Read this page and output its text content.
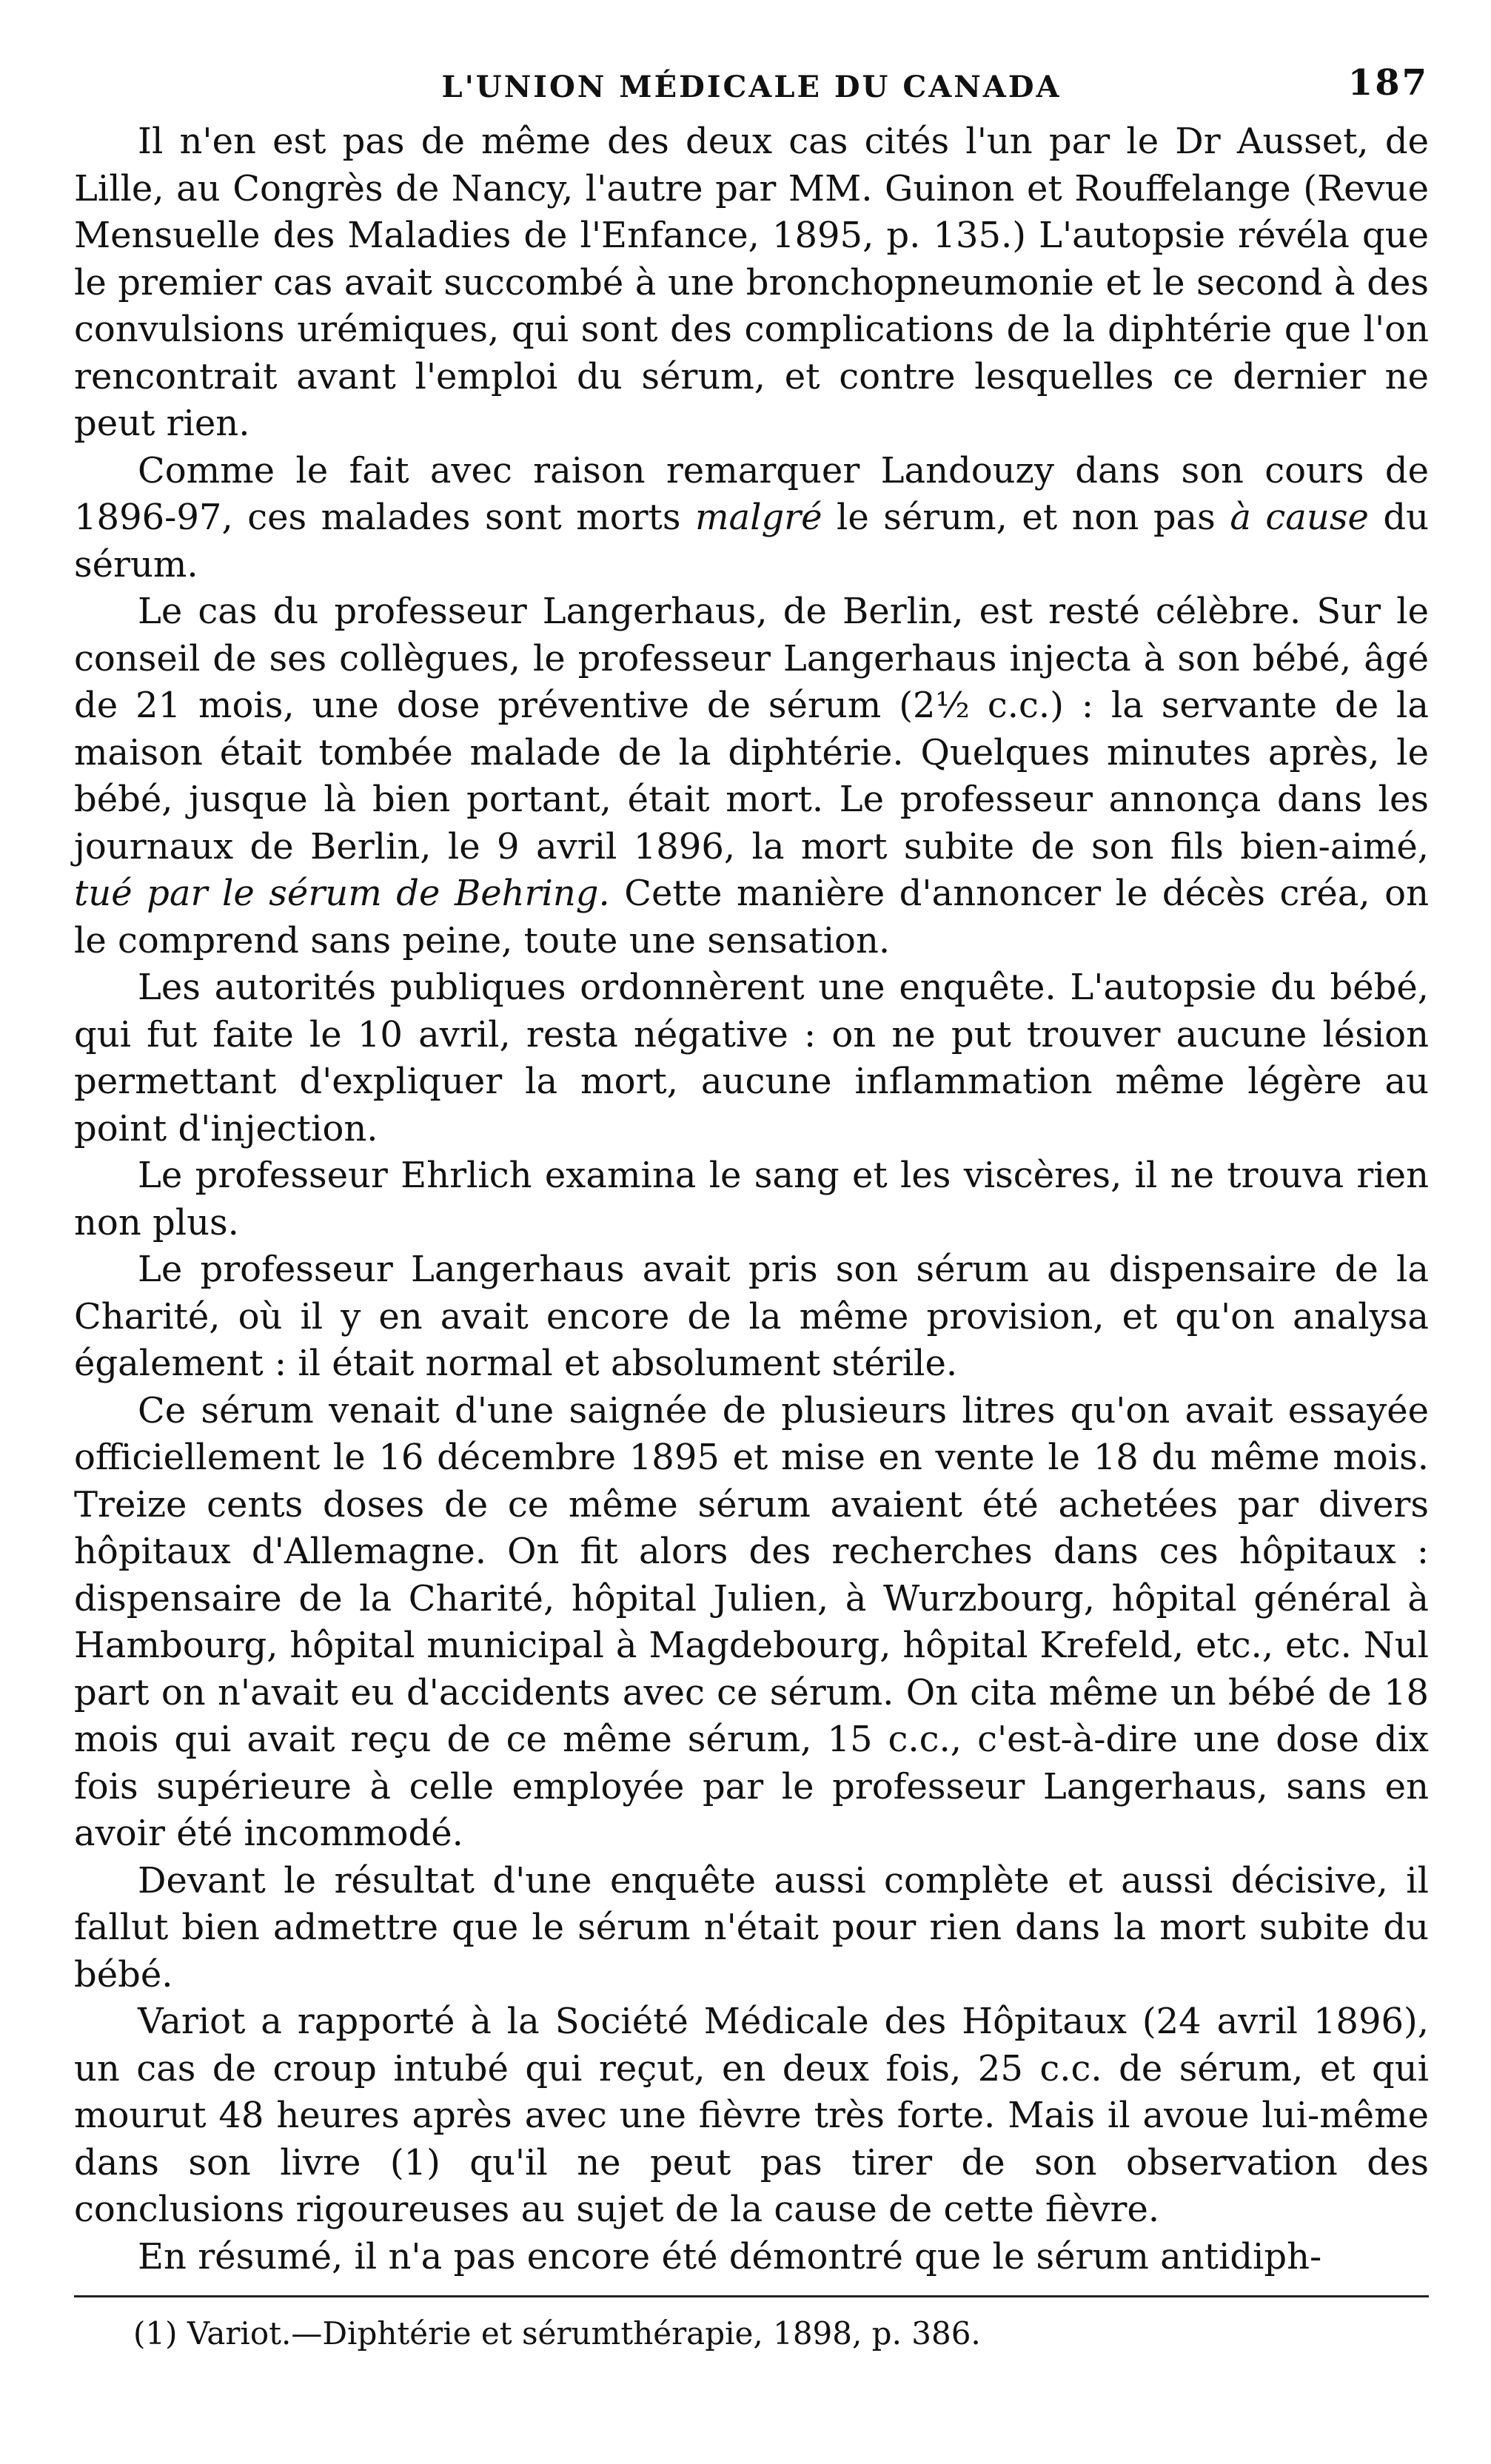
L'UNION MÉDICALE DU CANADA	187

Il n'en est pas de même des deux cas cités l'un par le Dr Ausset, de Lille, au Congrès de Nancy, l'autre par MM. Guinon et Rouffelange (Revue Mensuelle des Maladies de l'Enfance, 1895, p. 135.) L'autopsie révéla que le premier cas avait succombé à une bronchopneumonie et le second à des convulsions urémiques, qui sont des complications de la diphtérie que l'on rencontrait avant l'emploi du sérum, et contre lesquelles ce dernier ne peut rien.

Comme le fait avec raison remarquer Landouzy dans son cours de 1896-97, ces malades sont morts malgré le sérum, et non pas à cause du sérum.

Le cas du professeur Langerhaus, de Berlin, est resté célèbre. Sur le conseil de ses collègues, le professeur Langerhaus injecta à son bébé, âgé de 21 mois, une dose préventive de sérum (2½ c.c.) : la servante de la maison était tombée malade de la diphtérie. Quelques minutes après, le bébé, jusque là bien portant, était mort. Le professeur annonça dans les journaux de Berlin, le 9 avril 1896, la mort subite de son fils bien-aimé, tué par le sérum de Behring. Cette manière d'annoncer le décès créa, on le comprend sans peine, toute une sensation.

Les autorités publiques ordonnèrent une enquête. L'autopsie du bébé, qui fut faite le 10 avril, resta négative : on ne put trouver aucune lésion permettant d'expliquer la mort, aucune inflammation même légère au point d'injection.

Le professeur Ehrlich examina le sang et les viscères, il ne trouva rien non plus.

Le professeur Langerhaus avait pris son sérum au dispensaire de la Charité, où il y en avait encore de la même provision, et qu'on analysa également : il était normal et absolument stérile.

Ce sérum venait d'une saignée de plusieurs litres qu'on avait essayée officiellement le 16 décembre 1895 et mise en vente le 18 du même mois. Treize cents doses de ce même sérum avaient été achetées par divers hôpitaux d'Allemagne. On fit alors des recherches dans ces hôpitaux : dispensaire de la Charité, hôpital Julien, à Wurzbourg, hôpital général à Hambourg, hôpital municipal à Magdebourg, hôpital Krefeld, etc., etc. Nul part on n'avait eu d'accidents avec ce sérum. On cita même un bébé de 18 mois qui avait reçu de ce même sérum, 15 c.c., c'est-à-dire une dose dix fois supérieure à celle employée par le professeur Langerhaus, sans en avoir été incommodé.

Devant le résultat d'une enquête aussi complète et aussi décisive, il fallut bien admettre que le sérum n'était pour rien dans la mort subite du bébé.

Variot a rapporté à la Société Médicale des Hôpitaux (24 avril 1896), un cas de croup intubé qui reçut, en deux fois, 25 c.c. de sérum, et qui mourut 48 heures après avec une fièvre très forte. Mais il avoue lui-même dans son livre (1) qu'il ne peut pas tirer de son observation des conclusions rigoureuses au sujet de la cause de cette fièvre.

En résumé, il n'a pas encore été démontré que le sérum antidiph-

(1) Variot.—Diphtérie et sérumthérapie, 1898, p. 386.
